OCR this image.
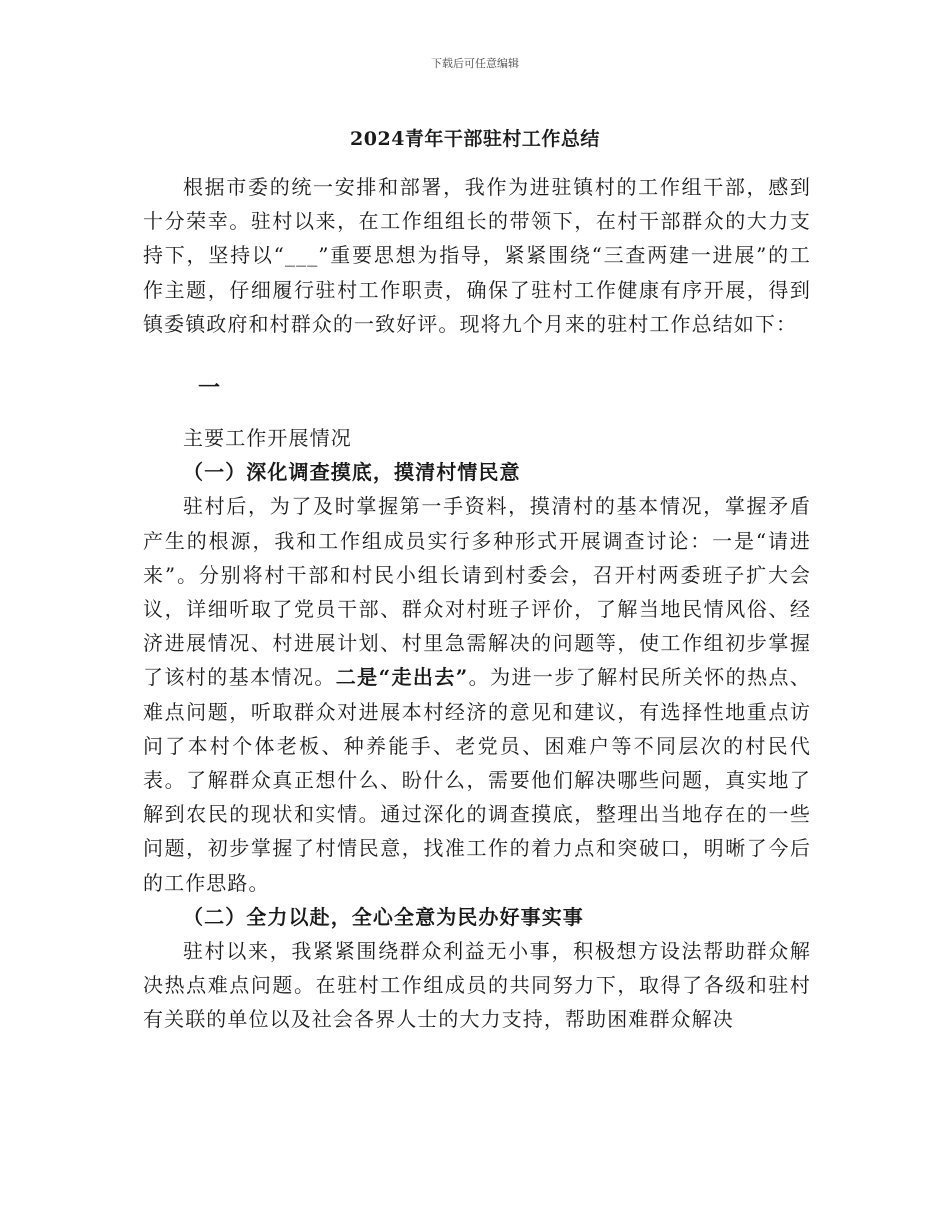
下载后可任意编辑
2024青年干部驻村工作总结

根据市委的统一安排和部署，我作为进驻镇村的工作组干部，感到十分荣幸。驻村以来，在工作组组长的带领下，在村干部群众的大力支持下，坚持以“___”重要思想为指导，紧紧围绕“三查两建一进展”的工作主题，仔细履行驻村工作职责，确保了驻村工作健康有序开展，得到镇委镇政府和村群众的一致好评。现将九个月来的驻村工作总结如下：

一

主要工作开展情况

（一）深化调查摸底，摸清村情民意

驻村后，为了及时掌握第一手资料，摸清村的基本情况，掌握矛盾产生的根源，我和工作组成员实行多种形式开展调查讨论：一是“请进来”。分别将村干部和村民小组长请到村委会，召开村两委班子扩大会议，详细听取了党员干部、群众对村班子评价，了解当地民情风俗、经济进展情况、村进展计划、村里急需解决的问题等，使工作组初步掌握了该村的基本情况。二是“走出去”。为进一步了解村民所关怀的热点、难点问题，听取群众对进展本村经济的意见和建议，有选择性地重点访问了本村个体老板、种养能手、老党员、困难户等不同层次的村民代表。了解群众真正想什么、盼什么，需要他们解决哪些问题，真实地了解到农民的现状和实情。通过深化的调查摸底，整理出当地存在的一些问题，初步掌握了村情民意，找准工作的着力点和突破口，明晰了今后的工作思路。

（二）全力以赴，全心全意为民办好事实事

驻村以来，我紧紧围绕群众利益无小事，积极想方设法帮助群众解决热点难点问题。在驻村工作组成员的共同努力下，取得了各级和驻村有关联的单位以及社会各界人士的大力支持，帮助困难群众解决
